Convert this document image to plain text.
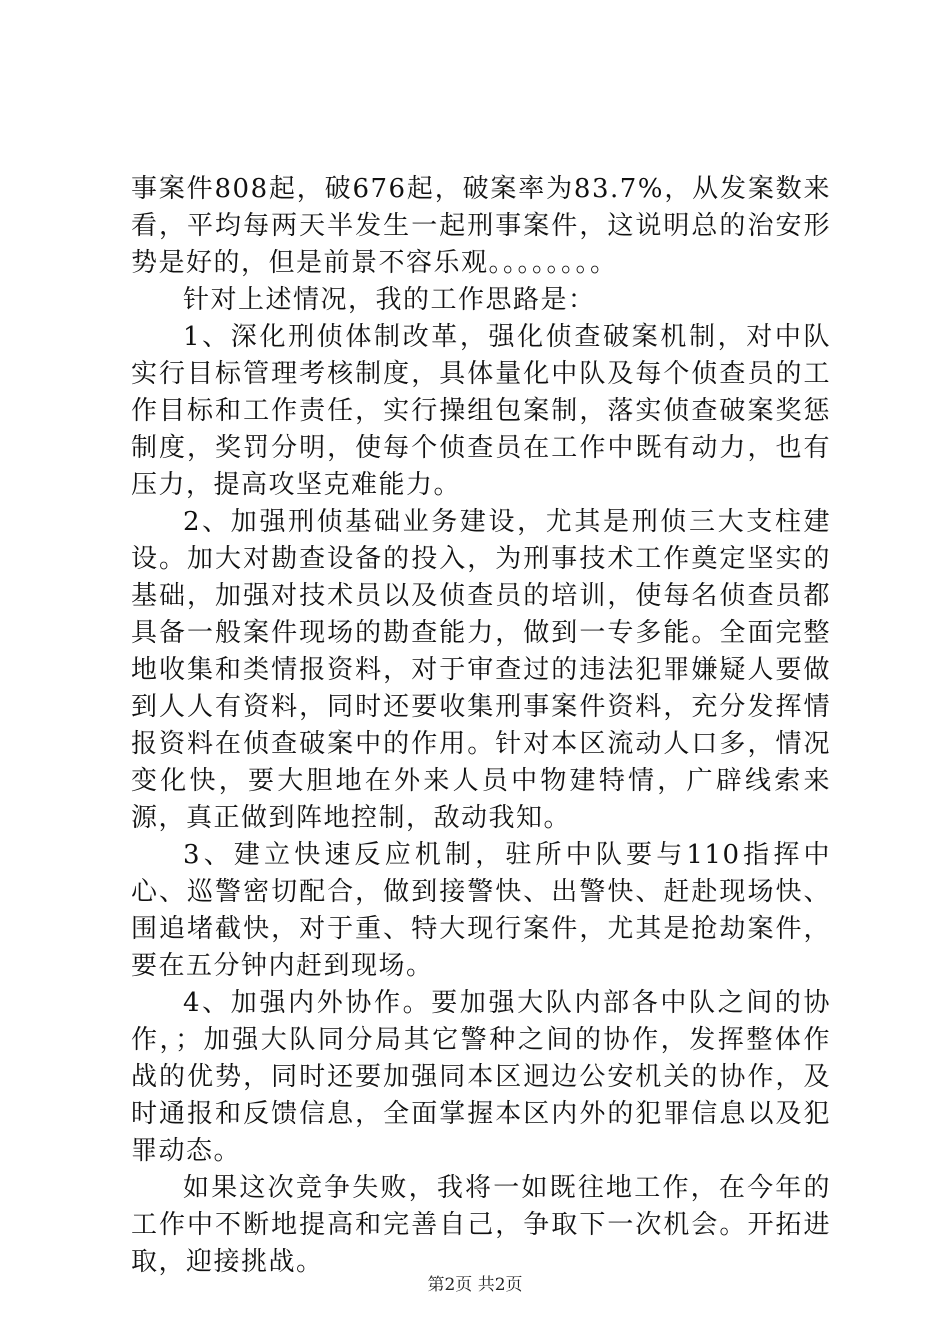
事案件808起，破676起，破案率为83.7%，从发案数来看，平均每两天半发生一起刑事案件，这说明总的治安形势是好的，但是前景不容乐观。。。。。。。。

针对上述情况，我的工作思路是：

1、深化刑侦体制改革，强化侦查破案机制，对中队实行目标管理考核制度，具体量化中队及每个侦查员的工作目标和工作责任，实行操组包案制，落实侦查破案奖惩制度，奖罚分明，使每个侦查员在工作中既有动力，也有压力，提高攻坚克难能力。

2、加强刑侦基础业务建设，尤其是刑侦三大支柱建设。加大对勘查设备的投入，为刑事技术工作奠定坚实的基础，加强对技术员以及侦查员的培训，使每名侦查员都具备一般案件现场的勘查能力，做到一专多能。全面完整地收集和类情报资料，对于审查过的违法犯罪嫌疑人要做到人人有资料，同时还要收集刑事案件资料，充分发挥情报资料在侦查破案中的作用。针对本区流动人口多，情况变化快，要大胆地在外来人员中物建特情，广辟线索来源，真正做到阵地控制，敌动我知。

3、建立快速反应机制，驻所中队要与110指挥中心、巡警密切配合，做到接警快、出警快、赶赴现场快、围追堵截快，对于重、特大现行案件，尤其是抢劫案件，要在五分钟内赶到现场。

4、加强内外协作。要加强大队内部各中队之间的协作，；加强大队同分局其它警种之间的协作，发挥整体作战的优势，同时还要加强同本区迥边公安机关的协作，及时通报和反馈信息，全面掌握本区内外的犯罪信息以及犯罪动态。

如果这次竞争失败，我将一如既往地工作，在今年的工作中不断地提高和完善自己，争取下一次机会。开拓进取，迎接挑战。

第2页 共2页
